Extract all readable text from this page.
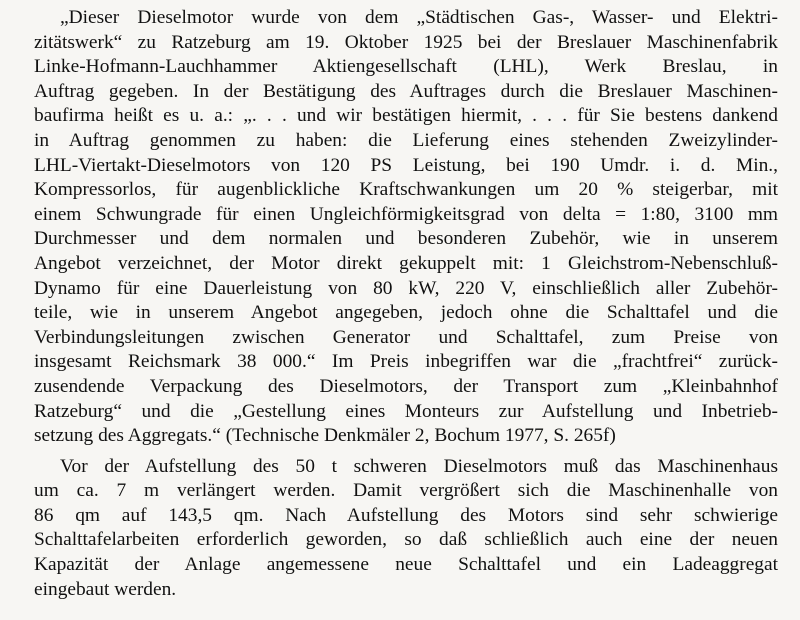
„Dieser Dieselmotor wurde von dem „Städtischen Gas-, Wasser- und Elektri-
zitätswerk“ zu Ratzeburg am 19. Oktober 1925 bei der Breslauer Maschinenfabrik
Linke-Hofmann-Lauchhammer Aktiengesellschaft (LHL), Werk Breslau, in
Auftrag gegeben. In der Bestätigung des Auftrages durch die Breslauer Maschinen-
baufirma heißt es u. a.: „. . . und wir bestätigen hiermit, . . . für Sie bestens dankend
in Auftrag genommen zu haben: die Lieferung eines stehenden Zweizylinder-
LHL-Viertakt-Dieselmotors von 120 PS Leistung, bei 190 Umdr. i. d. Min.,
Kompressorlos, für augenblickliche Kraftschwankungen um 20 % steigerbar, mit
einem Schwungrade für einen Ungleichförmigkeitsgrad von delta = 1:80, 3100 mm
Durchmesser und dem normalen und besonderen Zubehör, wie in unserem
Angebot verzeichnet, der Motor direkt gekuppelt mit: 1 Gleichstrom-Nebenschluß-
Dynamo für eine Dauerleistung von 80 kW, 220 V, einschließlich aller Zubehör-
teile, wie in unserem Angebot angegeben, jedoch ohne die Schalttafel und die
Verbindungsleitungen zwischen Generator und Schalttafel, zum Preise von
insgesamt Reichsmark 38 000.“ Im Preis inbegriffen war die „frachtfrei“ zurück-
zusendende Verpackung des Dieselmotors, der Transport zum „Kleinbahnhof
Ratzeburg“ und die „Gestellung eines Monteurs zur Aufstellung und Inbetrieb-
setzung des Aggregats.“ (Technische Denkmäler 2, Bochum 1977, S. 265f)
Vor der Aufstellung des 50 t schweren Dieselmotors muß das Maschinenhaus
um ca. 7 m verlängert werden. Damit vergrößert sich die Maschinenhalle von
86 qm auf 143,5 qm. Nach Aufstellung des Motors sind sehr schwierige
Schalttafelarbeiten erforderlich geworden, so daß schließlich auch eine der neuen
Kapazität der Anlage angemessene neue Schalttafel und ein Ladeaggregat
eingebaut werden.
